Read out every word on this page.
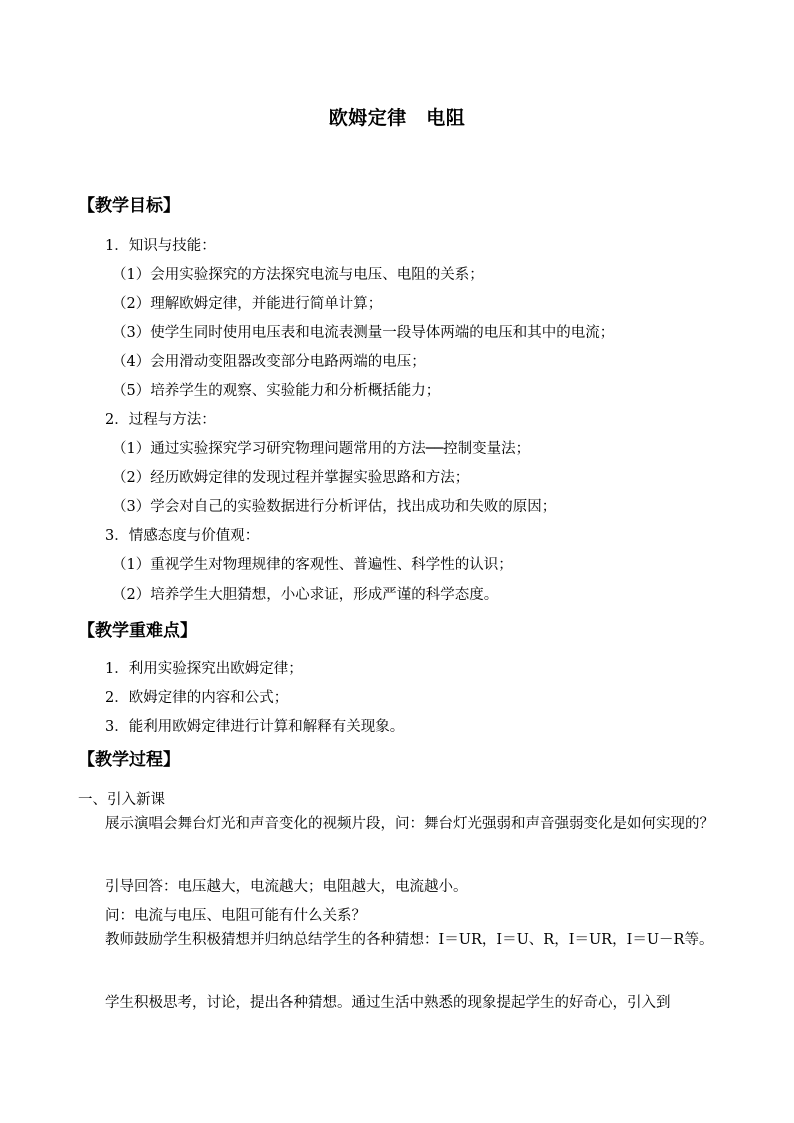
欧姆定律　电阻
【教学目标】
1．知识与技能：
（1）会用实验探究的方法探究电流与电压、电阻的关系；
（2）理解欧姆定律，并能进行简单计算；
（3）使学生同时使用电压表和电流表测量一段导体两端的电压和其中的电流；
（4）会用滑动变阻器改变部分电路两端的电压；
（5）培养学生的观察、实验能力和分析概括能力；
2．过程与方法：
（1）通过实验探究学习研究物理问题常用的方法──控制变量法；
（2）经历欧姆定律的发现过程并掌握实验思路和方法；
（3）学会对自己的实验数据进行分析评估，找出成功和失败的原因；
3．情感态度与价值观：
（1）重视学生对物理规律的客观性、普遍性、科学性的认识；
（2）培养学生大胆猜想，小心求证，形成严谨的科学态度。
【教学重难点】
1．利用实验探究出欧姆定律；
2．欧姆定律的内容和公式；
3．能利用欧姆定律进行计算和解释有关现象。
【教学过程】
一、引入新课
展示演唱会舞台灯光和声音变化的视频片段，问：舞台灯光强弱和声音强弱变化是如何实现的？
引导回答：电压越大，电流越大；电阻越大，电流越小。
问：电流与电压、电阻可能有什么关系？
教师鼓励学生积极猜想并归纳总结学生的各种猜想：I＝UR，I＝U、R，I＝UR，I＝U－R等。
学生积极思考，讨论，提出各种猜想。通过生活中熟悉的现象提起学生的好奇心，引入到
